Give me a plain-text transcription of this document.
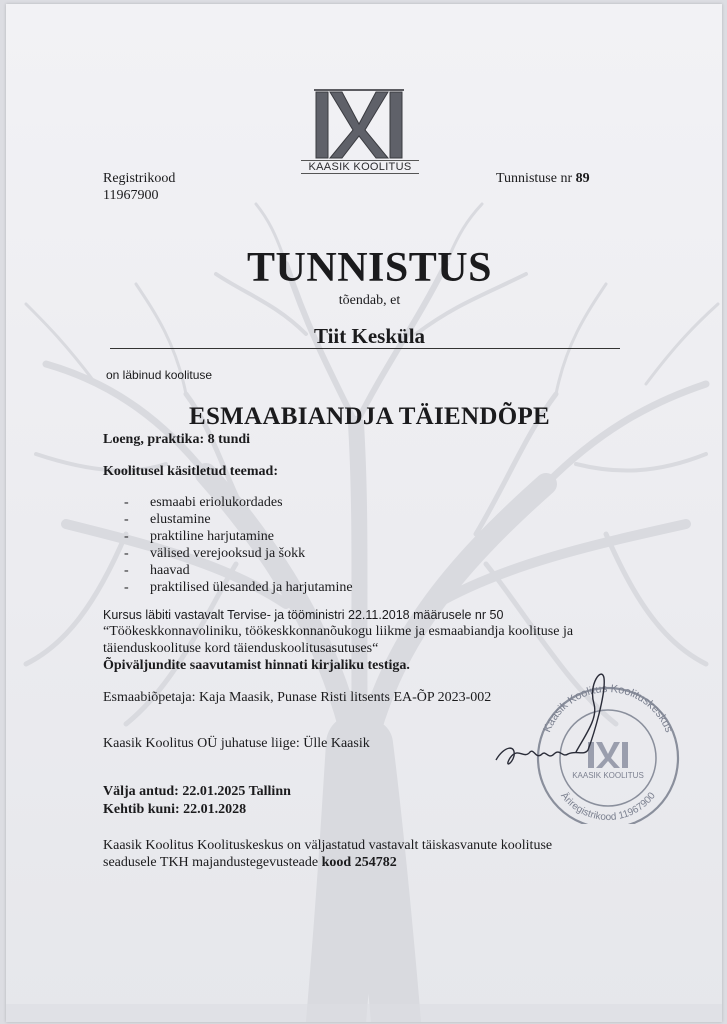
KAASIK KOOLITUS
Registrikood
11967900
Tunnistuse nr 89
TUNNISTUS
tõendab, et
Tiit Kesküla
on läbinud koolituse
ESMAABIANDJA TÄIENDÕPE
Loeng, praktika: 8 tundi
Koolitusel käsitletud teemad:
- esmaabi eriolukordades
- elustamine
- praktiline harjutamine
- välised verejooksud ja šokk
- haavad
- praktilised ülesanded ja harjutamine
Kursus läbiti vastavalt Tervise- ja tööministri 22.11.2018 määrusele nr 50
“Töökeskkonnavoliniku, töökeskkonnanõukogu liikme ja esmaabiandja koolituse ja
täienduskoolituse kord täienduskoolitusasutuses“
Õpiväljundite saavutamist hinnati kirjaliku testiga.
Esmaabiõpetaja: Kaja Maasik, Punase Risti litsents EA-ÕP 2023-002
Kaasik Koolitus OÜ juhatuse liige: Ülle Kaasik
Välja antud: 22.01.2025 Tallinn
Kehtib kuni: 22.01.2028
Kaasik Koolitus Koolituskeskus on väljastatud vastavalt täiskasvanute koolituse
seadusele TKH majandustegevusteade kood 254782
Kaasik Koolitus Koolituskeskus
Äriregistrikood 11967900
KAASIK KOOLITUS
